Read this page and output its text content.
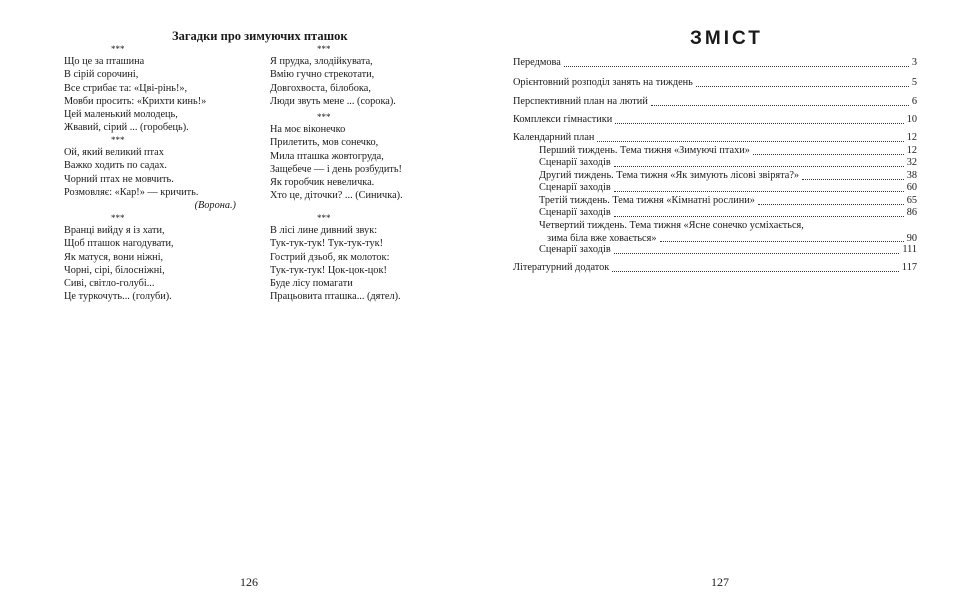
Загадки про зимуючих пташок
***
Що це за пташина
В сірій сорочині,
Все стрибає та: «Цві-рінь!»,
Мовби просить: «Крихти кинь!»
Цей маленький молодець,
Жвавий, сірий ... (горобець).
***
Ой, який великий птах
Важко ходить по садах.
Чорний птах не мовчить.
Розмовляє: «Кар!» — кричить.
(Ворона.)
***
Вранці вийду я із хати,
Щоб пташок нагодувати,
Як матуся, вони ніжні,
Чорні, сірі, білосніжні,
Сиві, світло-голубі...
Це туркочуть... (голуби).
***
Я прудка, злодійкувата,
Вмію гучно стрекотати,
Довгохвоста, білобока,
Люди звуть мене ... (сорока).
***
На моє віконечко
Прилетить, мов сонечко,
Мила пташка жовтогруда,
Защебече — і день розбудить!
Як горобчик невеличка.
Хто це, діточки? ... (Синичка).
***
В лісі лине дивний звук:
Тук-тук-тук! Тук-тук-тук!
Гострий дзьоб, як молоток:
Тук-тук-тук! Цок-цок-цок!
Буде лісу помагати
Працьовита пташка... (дятел).
126
ЗМІСТ
Передмова	3
Орієнтовний розподіл занять на тиждень	5
Перспективний план на лютий	6
Комплекси гімнастики	10
Календарний план	12
Перший тиждень. Тема тижня «Зимуючі птахи»	12
Сценарії заходів	32
Другий тиждень. Тема тижня «Як зимують лісові звірята?»	38
Сценарії заходів	60
Третій тиждень. Тема тижня «Кімнатні рослини»	65
Сценарії заходів	86
Четвертий тиждень. Тема тижня «Ясне сонечко усміхається,
зима біла вже ховається»	90
Сценарії заходів	111
Літературний додаток	117
127
